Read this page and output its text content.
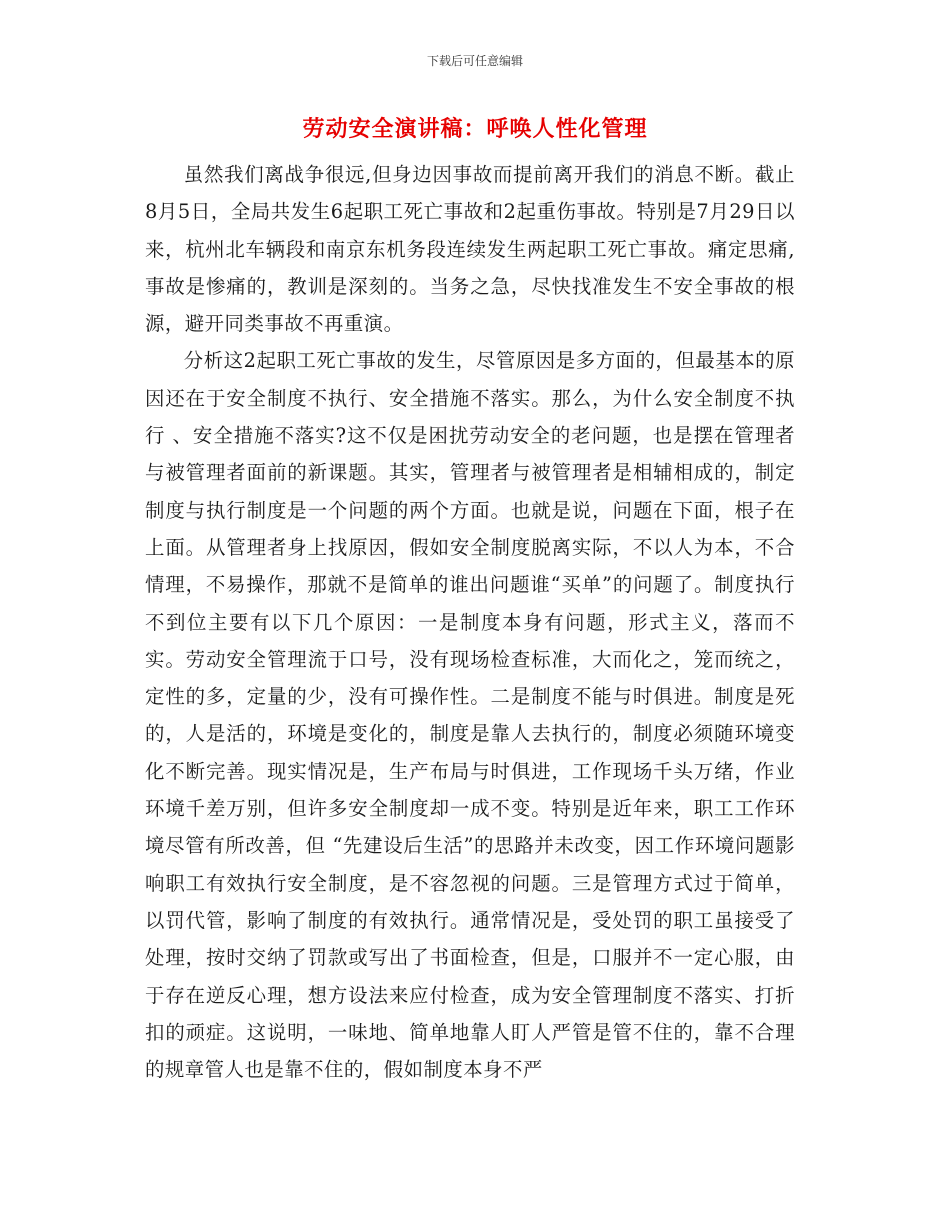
下载后可任意编辑
劳动安全演讲稿：呼唤人性化管理

虽然我们离战争很远,但身边因事故而提前离开我们的消息不断。截止8月5日，全局共发生6起职工死亡事故和2起重伤事故。特别是7月29日以来，杭州北车辆段和南京东机务段连续发生两起职工死亡事故。痛定思痛,事故是惨痛的，教训是深刻的。当务之急，尽快找准发生不安全事故的根源，避开同类事故不再重演。

分析这2起职工死亡事故的发生，尽管原因是多方面的，但最基本的原因还在于安全制度不执行、安全措施不落实。那么，为什么安全制度不执行 、安全措施不落实?这不仅是困扰劳动安全的老问题，也是摆在管理者与被管理者面前的新课题。其实，管理者与被管理者是相辅相成的，制定制度与执行制度是一个问题的两个方面。也就是说，问题在下面，根子在上面。从管理者身上找原因，假如安全制度脱离实际，不以人为本，不合情理，不易操作，那就不是简单的谁出问题谁“买单”的问题了。制度执行不到位主要有以下几个原因：一是制度本身有问题，形式主义，落而不实。劳动安全管理流于口号，没有现场检查标准，大而化之，笼而统之，定性的多，定量的少，没有可操作性。二是制度不能与时俱进。制度是死的，人是活的，环境是变化的，制度是靠人去执行的，制度必须随环境变化不断完善。现实情况是，生产布局与时俱进，工作现场千头万绪，作业环境千差万别，但许多安全制度却一成不变。特别是近年来，职工工作环境尽管有所改善，但 “先建设后生活”的思路并未改变，因工作环境问题影响职工有效执行安全制度，是不容忽视的问题。三是管理方式过于简单，以罚代管，影响了制度的有效执行。通常情况是，受处罚的职工虽接受了处理，按时交纳了罚款或写出了书面检查，但是，口服并不一定心服，由于存在逆反心理，想方设法来应付检查，成为安全管理制度不落实、打折扣的顽症。这说明，一味地、简单地靠人盯人严管是管不住的，靠不合理的规章管人也是靠不住的，假如制度本身不严
